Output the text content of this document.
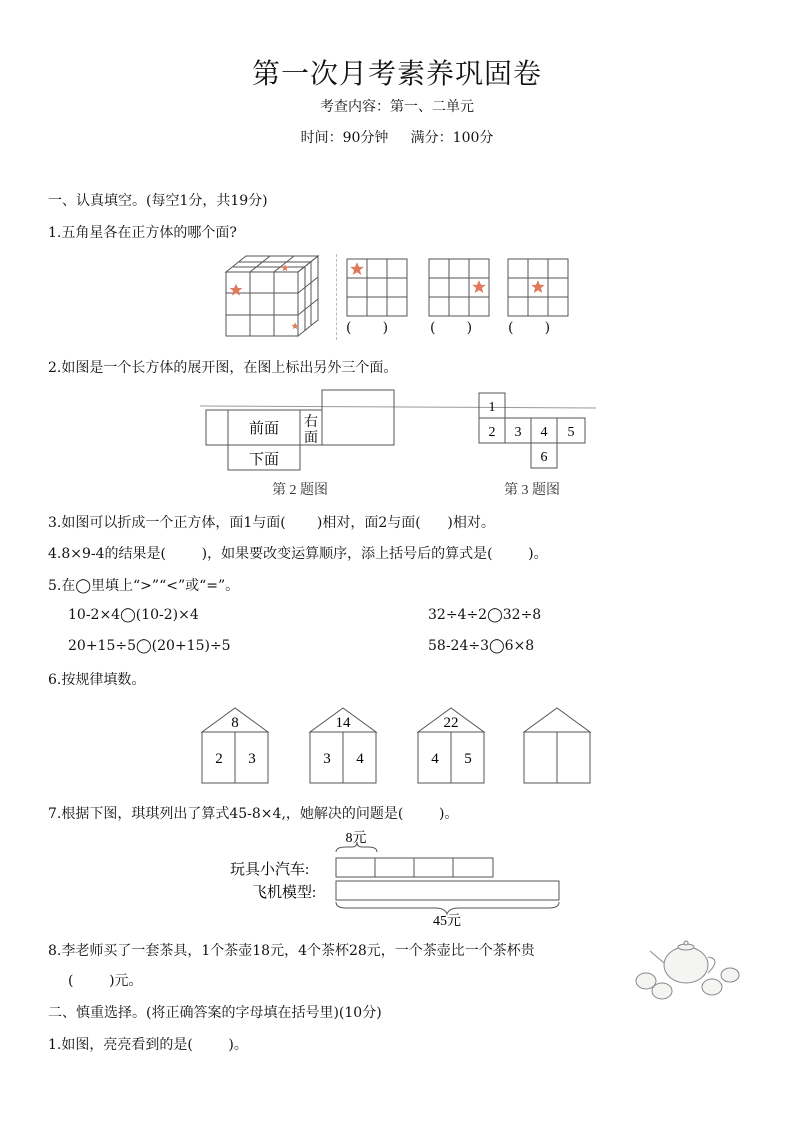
第一次月考素养巩固卷
考查内容：第一、二单元
时间：90分钟     满分：100分
一、认真填空。(每空1分，共19分)
1.五角星各在正方体的哪个面?
(       )	(       )	(       )
2.如图是一个长方体的展开图，在图上标出另外三个面。
前面
下面
右
面
1
2 3 4 5
6
第 2 题图	第 3 题图
3.如图可以折成一个正方体，面1与面(       )相对，面2与面(      )相对。
4.8×9-4的结果是(        )，如果要改变运算顺序，添上括号后的算式是(        )。
5.在◯里填上“>”“<”或“=”。
10-2×4◯(10-2)×4	32÷4÷2◯32÷8
20+15÷5◯(20+15)÷5	58-24÷3◯6×8
6.按规律填数。
8
2 3
14
3 4
22
4 5
7.根据下图，琪琪列出了算式45-8×4,，她解决的问题是(        )。
8元
玩具小汽车:
飞机模型:
45元
8.李老师买了一套茶具，1个茶壶18元，4个茶杯28元，一个茶壶比一个茶杯贵
(        )元。
二、慎重选择。(将正确答案的字母填在括号里)(10分)
1.如图，亮亮看到的是(        )。
